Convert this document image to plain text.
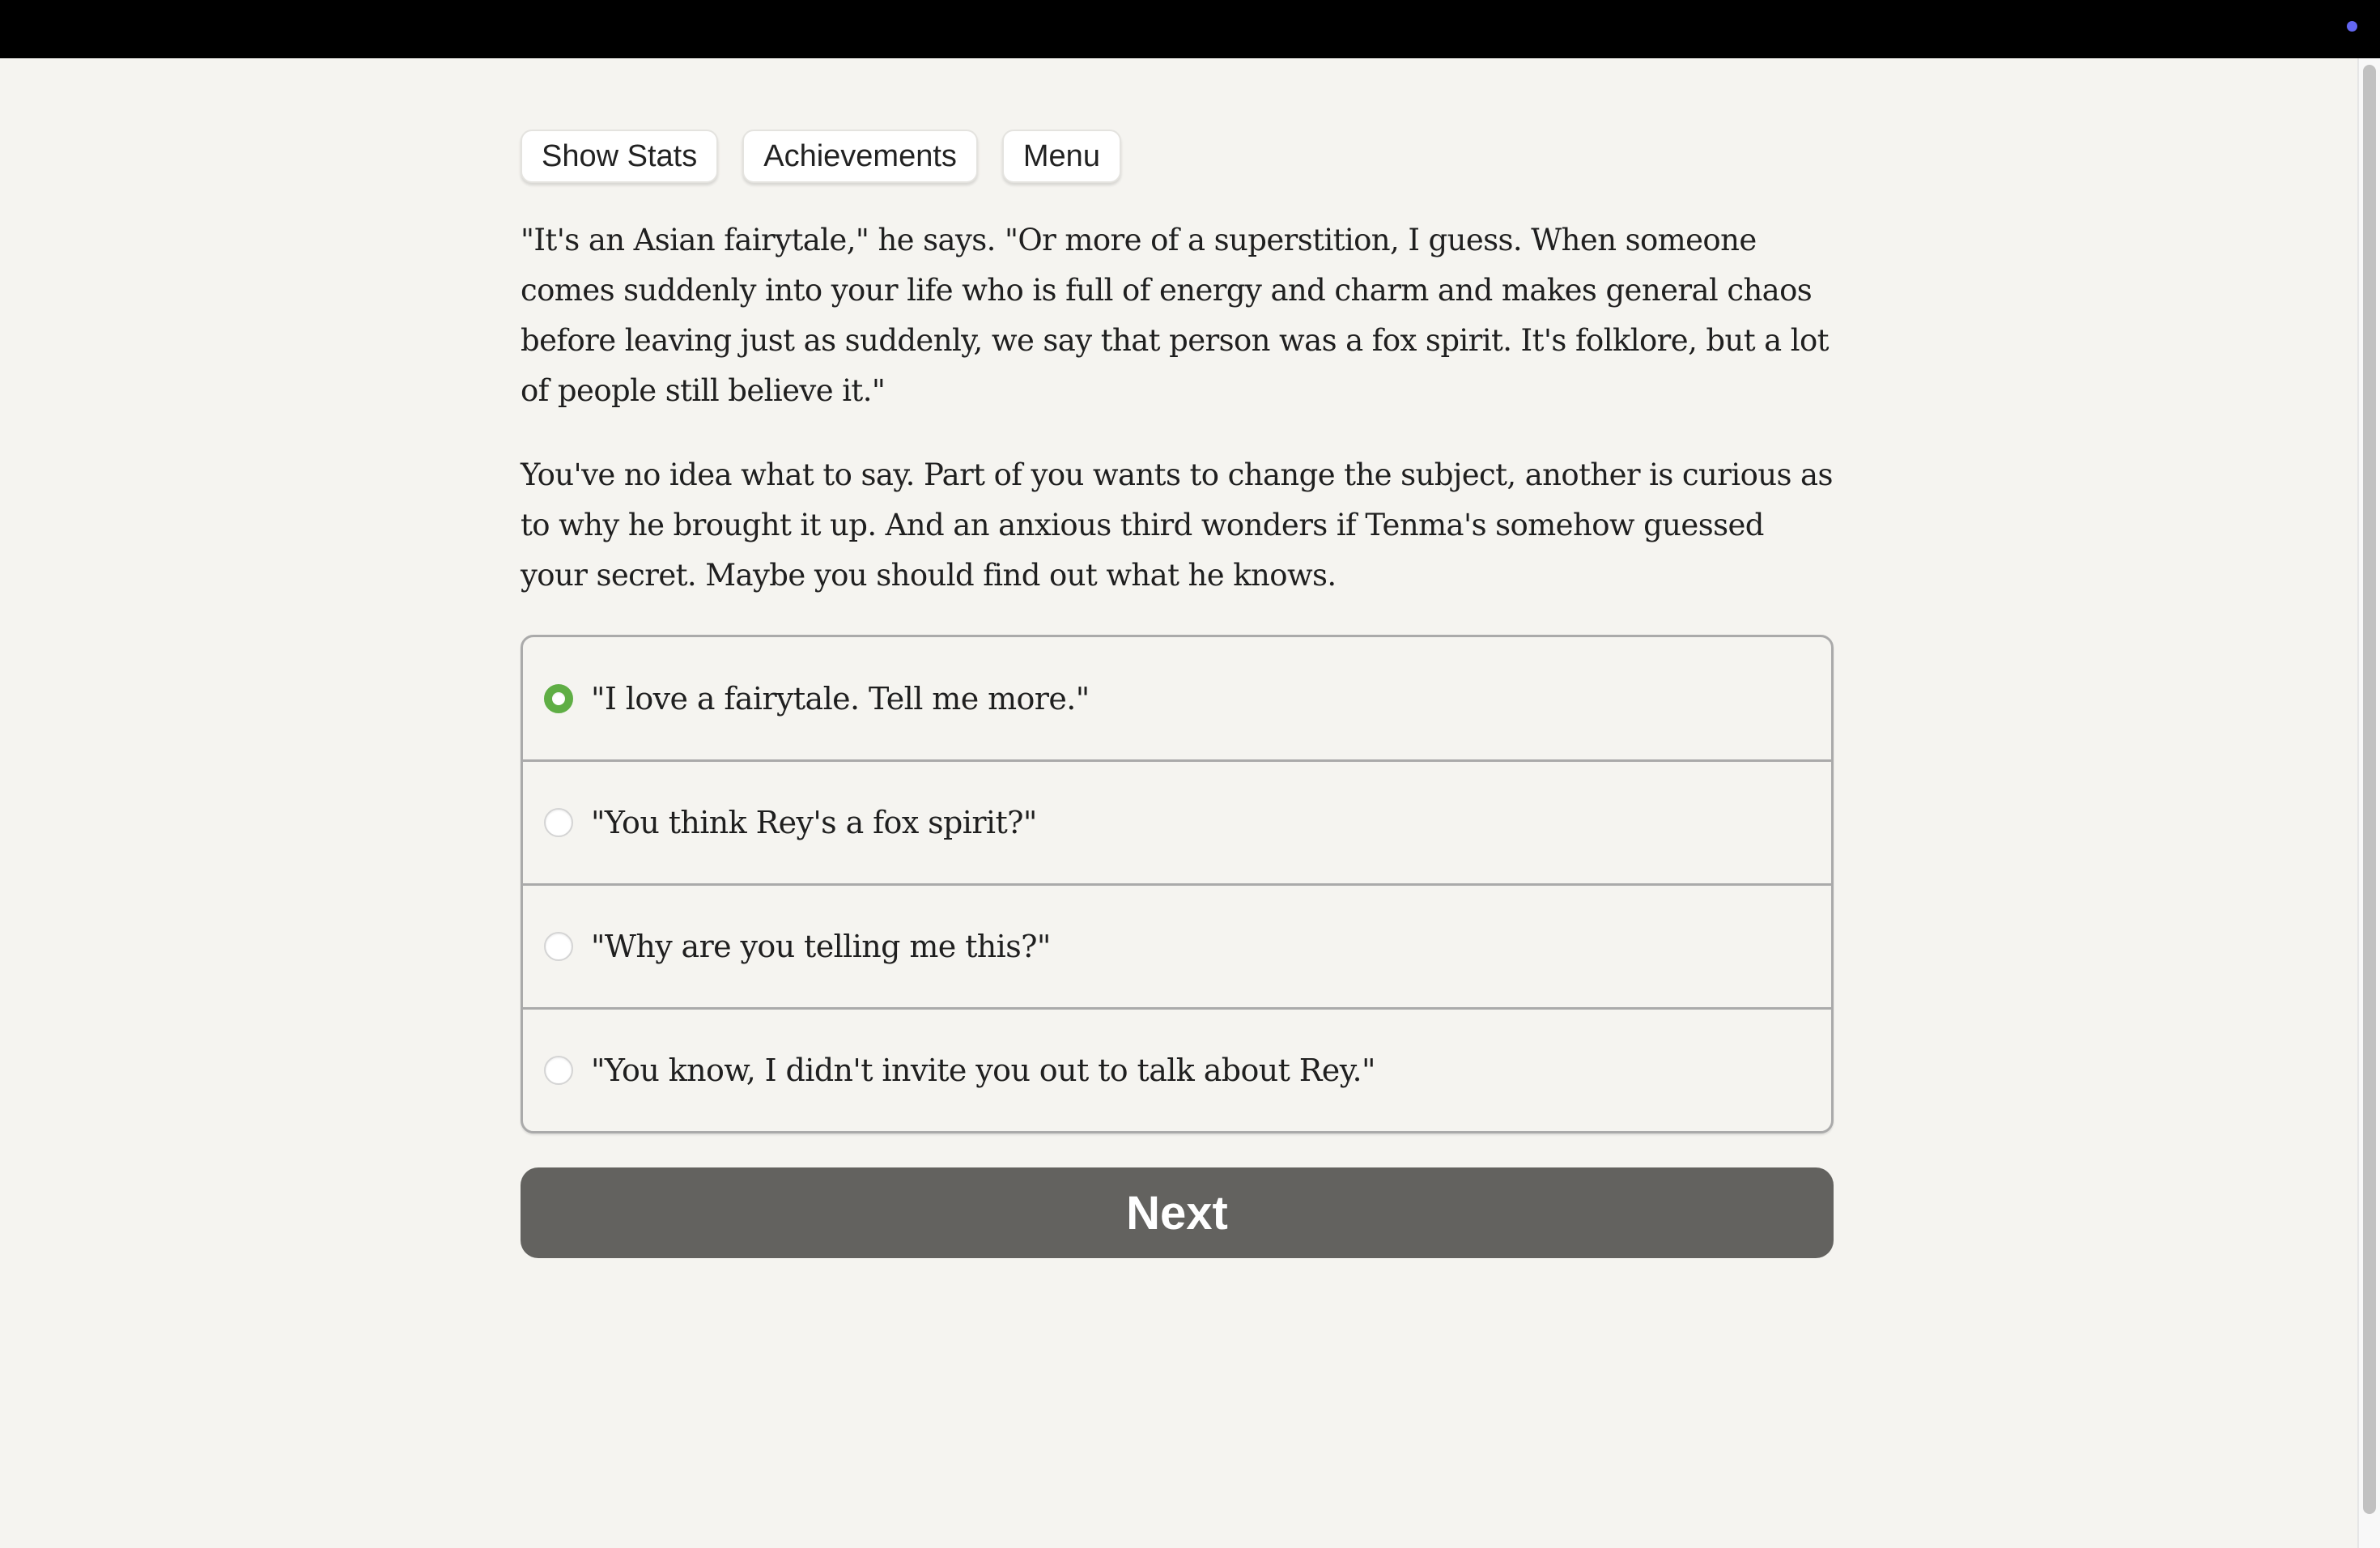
Show Stats	Achievements	Menu

"It's an Asian fairytale," he says. "Or more of a superstition, I guess. When someone comes suddenly into your life who is full of energy and charm and makes general chaos before leaving just as suddenly, we say that person was a fox spirit. It's folklore, but a lot of people still believe it."

You've no idea what to say. Part of you wants to change the subject, another is curious as to why he brought it up. And an anxious third wonders if Tenma's somehow guessed your secret. Maybe you should find out what he knows.

"I love a fairytale. Tell me more."
"You think Rey's a fox spirit?"
"Why are you telling me this?"
"You know, I didn't invite you out to talk about Rey."
Next
